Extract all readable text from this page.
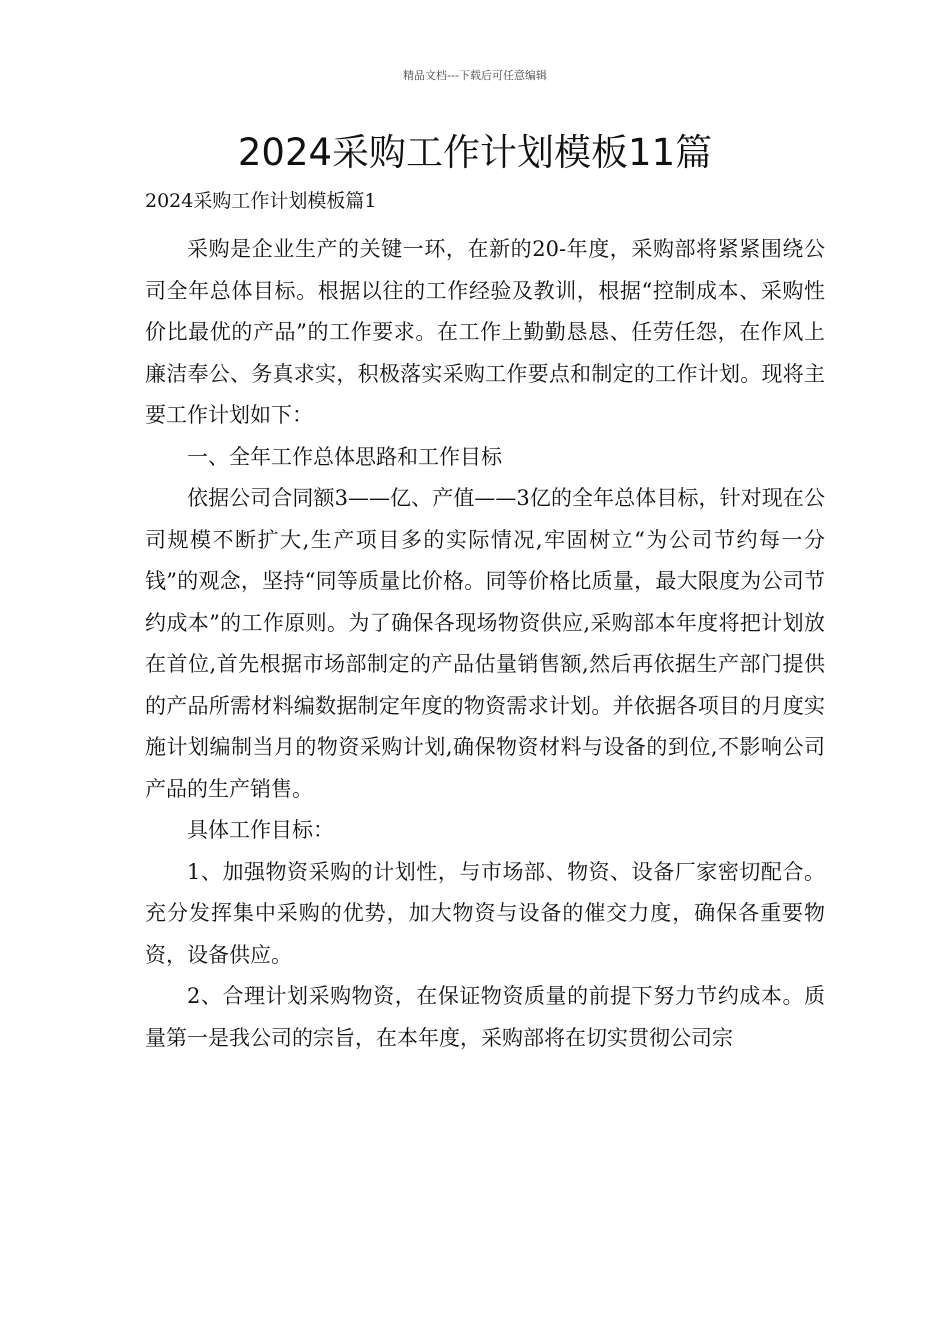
精品文档---下载后可任意编辑
2024采购工作计划模板11篇
2024采购工作计划模板篇1

采购是企业生产的关键一环，在新的20-年度，采购部将紧紧围绕公司全年总体目标。根据以往的工作经验及教训，根据“控制成本、采购性价比最优的产品”的工作要求。在工作上勤勤恳恳、任劳任怨，在作风上廉洁奉公、务真求实，积极落实采购工作要点和制定的工作计划。现将主要工作计划如下：

一、全年工作总体思路和工作目标

依据公司合同额3——亿、产值——3亿的全年总体目标，针对现在公司规模不断扩大,生产项目多的实际情况,牢固树立“为公司节约每一分钱”的观念，坚持“同等质量比价格。同等价格比质量，最大限度为公司节约成本”的工作原则。为了确保各现场物资供应,采购部本年度将把计划放在首位,首先根据市场部制定的产品估量销售额,然后再依据生产部门提供的产品所需材料编数据制定年度的物资需求计划。并依据各项目的月度实施计划编制当月的物资采购计划,确保物资材料与设备的到位,不影响公司产品的生产销售。

具体工作目标：

1、加强物资采购的计划性，与市场部、物资、设备厂家密切配合。充分发挥集中采购的优势，加大物资与设备的催交力度，确保各重要物资，设备供应。

2、合理计划采购物资，在保证物资质量的前提下努力节约成本。质量第一是我公司的宗旨，在本年度，采购部将在切实贯彻公司宗
